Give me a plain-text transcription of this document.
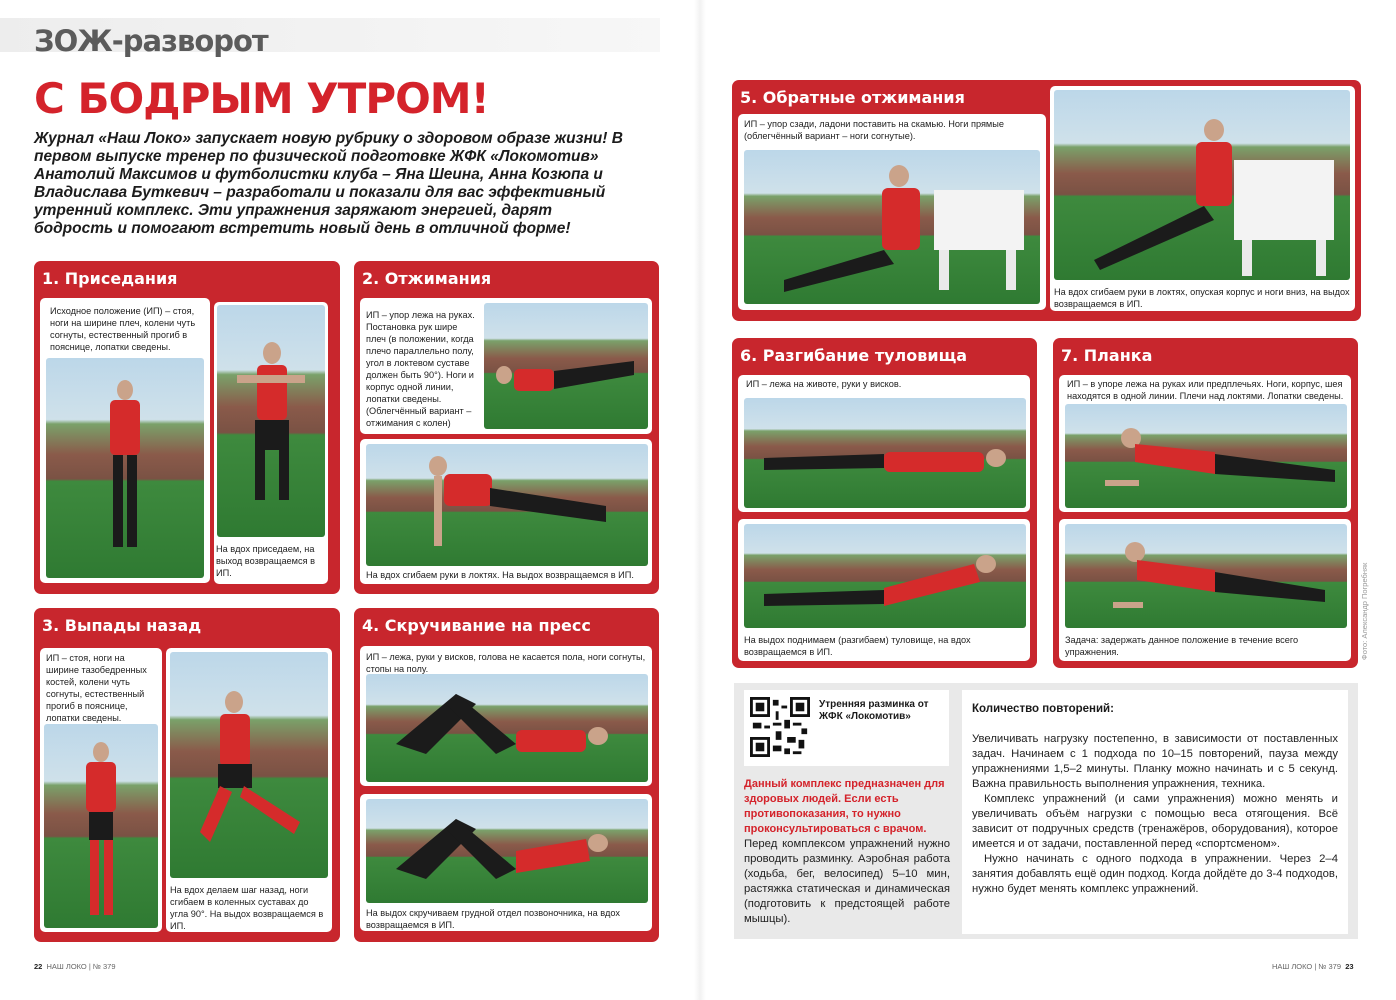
ЗОЖ-разворот
С БОДРЫМ УТРОМ!
Журнал «Наш Локо» запускает новую рубрику о здоровом образе жизни! В первом выпуске тренер по физической подготовке ЖФК «Локомотив» Анатолий Максимов и футболистки клуба – Яна Шеина, Анна Козюпа и Владислава Буткевич – разработали и показали для вас эффективный утренний комплекс. Эти упражнения заряжают энергией, дарят бодрость и помогают встретить новый день в отличной форме!
1. Приседания
Исходное положение (ИП) – стоя, ноги на ширине плеч, колени чуть согнуты, естественный прогиб в пояснице, лопатки сведены.
На вдох приседаем, на выход возвращаемся в ИП.
2. Отжимания
ИП – упор лежа на руках. Постановка рук шире плеч (в положении, когда плечо параллельно полу, угол в локтевом суставе должен быть 90°). Ноги и корпус одной линии, лопатки сведены. (Облегчённый вариант – отжимания с колен)
На вдох сгибаем руки в локтях. На выдох возвращаемся в ИП.
3. Выпады назад
ИП – стоя, ноги на ширине тазобедренных костей, колени чуть согнуты, естественный прогиб в пояснице, лопатки сведены.
На вдох делаем шаг назад, ноги сгибаем в коленных суставах до угла 90°. На выдох возвращаемся в ИП.
4. Скручивание на пресс
ИП – лежа, руки у висков, голова не касается пола, ноги согнуты, стопы на полу.
На выдох скручиваем грудной отдел позвоночника, на вдох возвращаемся в ИП.
5. Обратные отжимания
ИП – упор сзади, ладони поставить на скамью. Ноги прямые (облегчённый вариант – ноги согнутые).
На вдох сгибаем руки в локтях, опуская корпус и ноги вниз, на выдох возвращаемся в ИП.
6. Разгибание туловища
ИП – лежа на животе, руки у висков.
На выдох поднимаем (разгибаем) туловище, на вдох возвращаемся в ИП.
7. Планка
ИП – в упоре лежа на руках или предплечьях. Ноги, корпус, шея находятся в одной линии. Плечи над локтями. Лопатки сведены.
Задача: задержать данное положение в течение всего упражнения.
Утренняя разминка от ЖФК «Локомотив»
Данный комплекс предназначен для здоровых людей. Если есть противопоказания, то нужно проконсультироваться с врачом.
Перед комплексом упражнений нужно проводить разминку. Аэробная работа (ходьба, бег, велосипед) 5–10 мин, растяжка статическая и динамическая (подготовить к предстоящей работе мышцы).
Количество повторений:

Увеличивать нагрузку постепенно, в зависимости от поставленных задач. Начинаем с 1 подхода по 10–15 повторений, пауза между упражнениями 1,5–2 минуты. Планку можно начинать и с 5 секунд. Важна правильность выполнения упражнения, техника.

Комплекс упражнений (и сами упражнения) можно менять и увеличивать объём нагрузки с помощью веса отягощения. Всё зависит от подручных средств (тренажёров, оборудования), которое имеется и от задачи, поставленной перед «спортсменом».

Нужно начинать с одного подхода в упражнении. Через 2–4 занятия добавлять ещё один подход. Когда дойдёте до 3-4 подходов, нужно будет менять комплекс упражнений.

Фото: Александр Погребняк
22 НАШ ЛОКО | № 379	НАШ ЛОКО | № 379 23
